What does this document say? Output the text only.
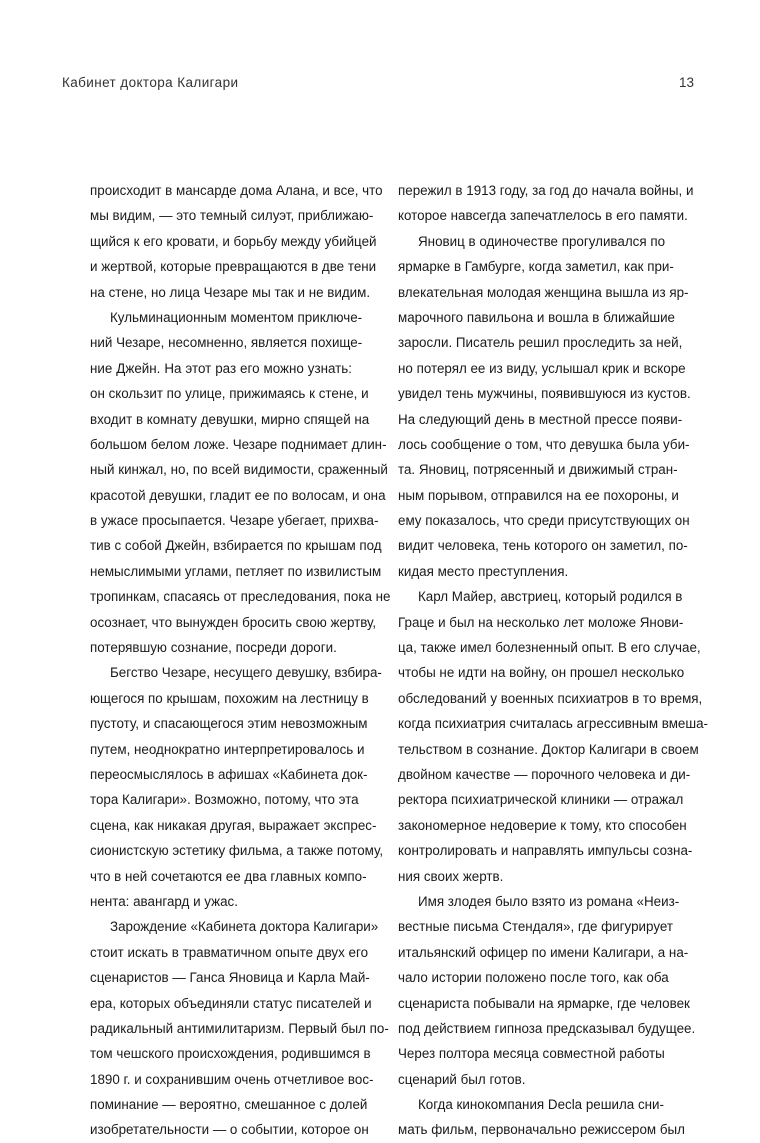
Кабинет доктора Калигари	13
происходит в мансарде дома Алана, и все, что
мы видим, — это темный силуэт, приближаю-
щийся к его кровати, и борьбу между убийцей
и жертвой, которые превращаются в две тени
на стене, но лица Чезаре мы так и не видим.
Кульминационным моментом приключе-
ний Чезаре, несомненно, является похище-
ние Джейн. На этот раз его можно узнать:
он скользит по улице, прижимаясь к стене, и
входит в комнату девушки, мирно спящей на
большом белом ложе. Чезаре поднимает длин-
ный кинжал, но, по всей видимости, сраженный
красотой девушки, гладит ее по волосам, и она
в ужасе просыпается. Чезаре убегает, прихва-
тив с собой Джейн, взбирается по крышам под
немыслимыми углами, петляет по извилистым
тропинкам, спасаясь от преследования, пока не
осознает, что вынужден бросить свою жертву,
потерявшую сознание, посреди дороги.
Бегство Чезаре, несущего девушку, взбира-
ющегося по крышам, похожим на лестницу в
пустоту, и спасающегося этим невозможным
путем, неоднократно интерпретировалось и
переосмыслялось в афишах «Кабинета док-
тора Калигари». Возможно, потому, что эта
сцена, как никакая другая, выражает экспрес-
сионистскую эстетику фильма, а также потому,
что в ней сочетаются ее два главных компо-
нента: авангард и ужас.
Зарождение «Кабинета доктора Калигари»
стоит искать в травматичном опыте двух его
сценаристов — Ганса Яновица и Карла Май-
ера, которых объединяли статус писателей и
радикальный антимилитаризм. Первый был по-
том чешского происхождения, родившимся в
1890 г. и сохранившим очень отчетливое вос-
поминание — вероятно, смешанное с долей
изобретательности — о событии, которое он
пережил в 1913 году, за год до начала войны, и
которое навсегда запечатлелось в его памяти.
Яновиц в одиночестве прогуливался по
ярмарке в Гамбурге, когда заметил, как при-
влекательная молодая женщина вышла из яр-
марочного павильона и вошла в ближайшие
заросли. Писатель решил проследить за ней,
но потерял ее из виду, услышал крик и вскоре
увидел тень мужчины, появившуюся из кустов.
На следующий день в местной прессе появи-
лось сообщение о том, что девушка была уби-
та. Яновиц, потрясенный и движимый стран-
ным порывом, отправился на ее похороны, и
ему показалось, что среди присутствующих он
видит человека, тень которого он заметил, по-
кидая место преступления.
Карл Майер, австриец, который родился в
Граце и был на несколько лет моложе Янови-
ца, также имел болезненный опыт. В его случае,
чтобы не идти на войну, он прошел несколько
обследований у военных психиатров в то время,
когда психиатрия считалась агрессивным вмеша-
тельством в сознание. Доктор Калигари в своем
двойном качестве — порочного человека и ди-
ректора психиатрической клиники — отражал
закономерное недоверие к тому, кто способен
контролировать и направлять импульсы созна-
ния своих жертв.
Имя злодея было взято из романа «Неиз-
вестные письма Стендаля», где фигурирует
итальянский офицер по имени Калигари, а на-
чало истории положено после того, как оба
сценариста побывали на ярмарке, где человек
под действием гипноза предсказывал будущее.
Через полтора месяца совместной работы
сценарий был готов.
Когда кинокомпания Decla решила сни-
мать фильм, первоначально режиссером был
